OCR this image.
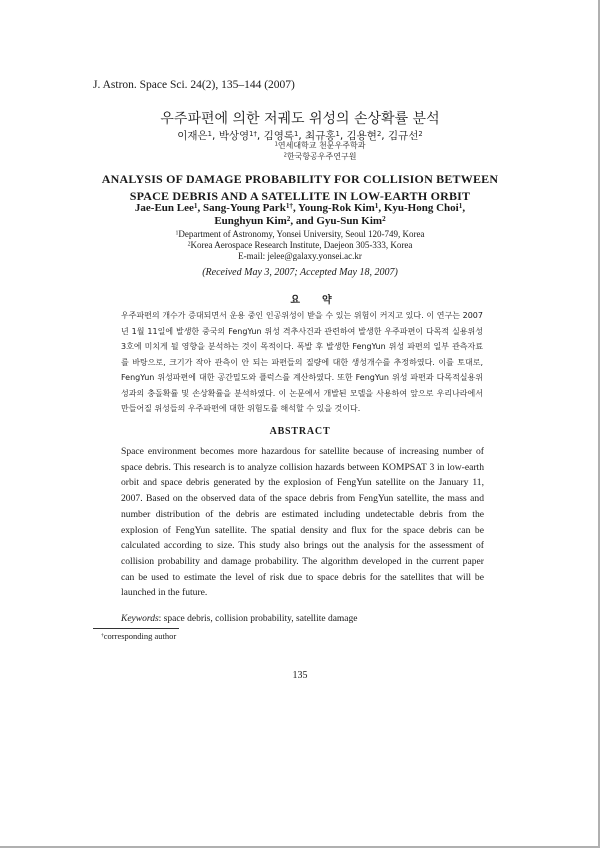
J. Astron. Space Sci. 24(2), 135–144 (2007)
우주파편에 의한 저궤도 위성의 손상확률 분석
이재은$^1$, 박상영$^{1\dagger}$, 김영록$^1$, 최규홍$^1$, 김용현$^2$, 김규선$^2$
$^1$연세대학교 천문우주학과
$^2$한국항공우주연구원
ANALYSIS OF DAMAGE PROBABILITY FOR COLLISION BETWEEN
SPACE DEBRIS AND A SATELLITE IN LOW-EARTH ORBIT
Jae-Eun Lee$^1$, Sang-Young Park$^{1\dagger}$, Young-Rok Kim$^1$, Kyu-Hong Choi$^1$,
Eunghyun Kim$^2$, and Gyu-Sun Kim$^2$
$^1$Department of Astronomy, Yonsei University, Seoul 120-749, Korea
$^2$Korea Aerospace Research Institute, Daejeon 305-333, Korea
E-mail: jelee@galaxy.yonsei.ac.kr
(Received May 3, 2007; Accepted May 18, 2007)
요약
우주파편의 개수가 증대되면서 운용 중인 인공위성이 받을 수 있는 위험이 커지고 있다. 이 연구는 2007년 1월 11일에 발생한 중국의 FengYun 위성 격추사건과 관련하여 발생한 우주파편이 다목적 실용위성 3호에 미치게 될 영향을 분석하는 것이 목적이다. 폭발 후 발생한 FengYun 위성 파편의 일부 관측자료를 바탕으로, 크기가 작아 관측이 안 되는 파편들의 질량에 대한 생성개수를 추정하였다. 이를 토대로, FengYun 위성파편에 대한 공간밀도와 플럭스를 계산하였다. 또한 FengYun 위성 파편과 다목적실용위성과의 충돌확률 및 손상확률을 분석하였다. 이 논문에서 개발된 모델을 사용하여 앞으로 우리나라에서 만들어질 위성들의 우주파편에 대한 위험도를 해석할 수 있을 것이다.
ABSTRACT
Space environment becomes more hazardous for satellite because of increasing number of space debris. This research is to analyze collision hazards between KOMPSAT 3 in low-earth orbit and space debris generated by the explosion of FengYun satellite on the January 11, 2007. Based on the observed data of the space debris from FengYun satellite, the mass and number distribution of the debris are estimated including undetectable debris from the explosion of FengYun satellite. The spatial density and flux for the space debris can be calculated according to size. This study also brings out the analysis for the assessment of collision probability and damage probability. The algorithm developed in the current paper can be used to estimate the level of risk due to space debris for the satellites that will be launched in the future.
Keywords: space debris, collision probability, satellite damage
†corresponding author
135
